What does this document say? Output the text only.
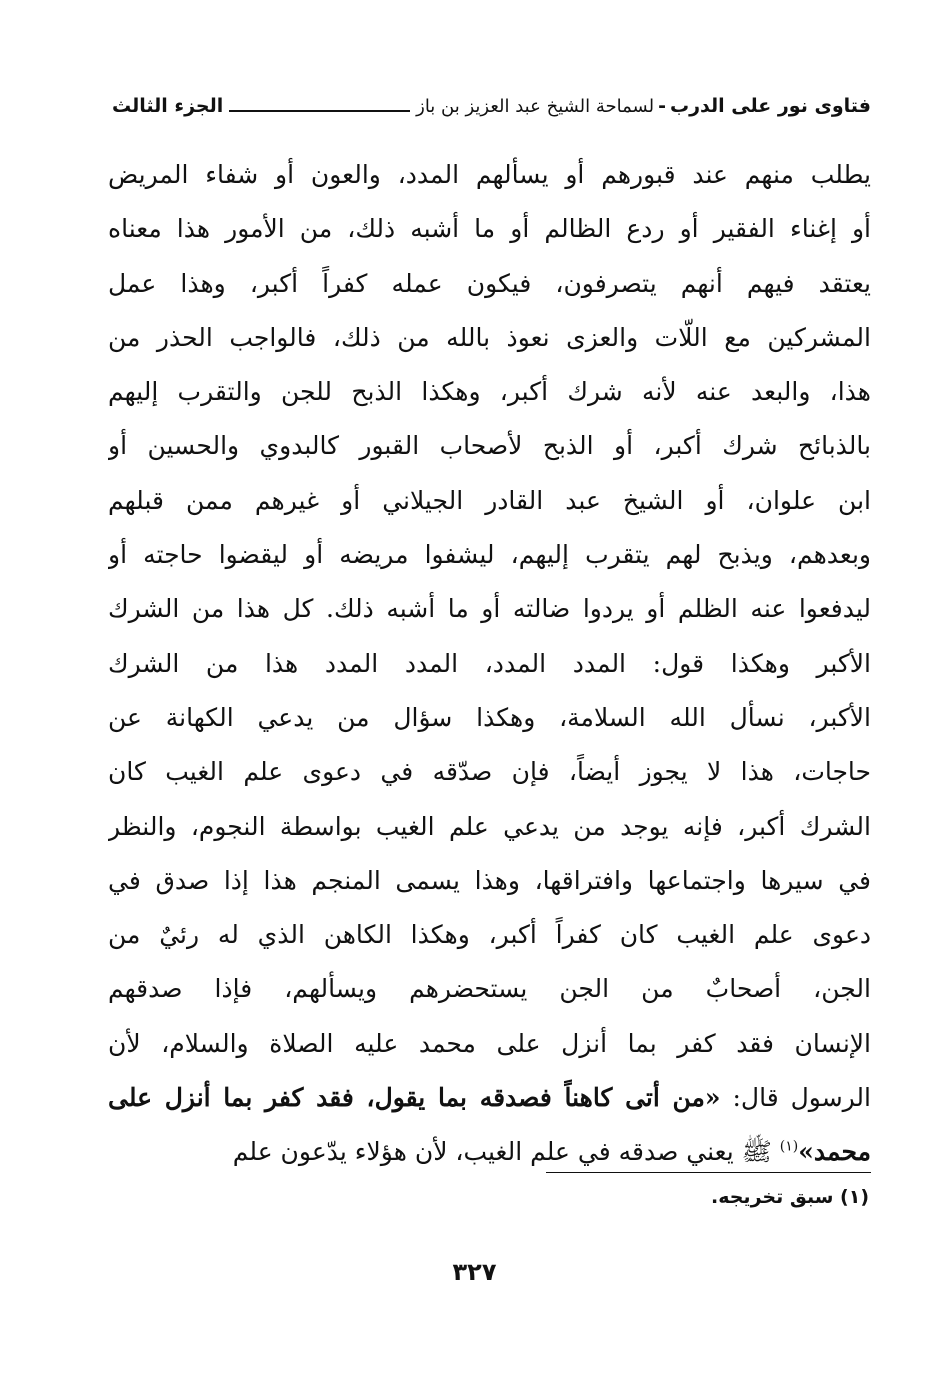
فتاوى نور على الدرب
-
لسماحة الشيخ عبد العزيز بن باز
الجزء الثالث
يطلب منهم عند قبورهم أو يسألهم المدد، والعون أو شفاء المريض
أو إغناء الفقير أو ردع الظالم أو ما أشبه ذلك، من الأمور هذا معناه
يعتقد فيهم أنهم يتصرفون، فيكون عمله كفراً أكبر، وهذا عمل
المشركين مع اللّات والعزى نعوذ بالله من ذلك، فالواجب الحذر من
هذا، والبعد عنه لأنه شرك أكبر، وهكذا الذبح للجن والتقرب إليهم
بالذبائح شرك أكبر، أو الذبح لأصحاب القبور كالبدوي والحسين أو
ابن علوان، أو الشيخ عبد القادر الجيلاني أو غيرهم ممن قبلهم
وبعدهم، ويذبح لهم يتقرب إليهم، ليشفوا مريضه أو ليقضوا حاجته أو
ليدفعوا عنه الظلم أو يردوا ضالته أو ما أشبه ذلك. كل هذا من الشرك
الأكبر وهكذا قول: المدد المدد، المدد المدد هذا من الشرك
الأكبر، نسأل الله السلامة، وهكذا سؤال من يدعي الكهانة عن
حاجات، هذا لا يجوز أيضاً، فإن صدّقه في دعوى علم الغيب كان
الشرك أكبر، فإنه يوجد من يدعي علم الغيب بواسطة النجوم، والنظر
في سيرها واجتماعها وافتراقها، وهذا يسمى المنجم هذا إذا صدق في
دعوى علم الغيب كان كفراً أكبر، وهكذا الكاهن الذي له رئيٌ من
الجن، أصحابٌ من الجن يستحضرهم ويسألهم، فإذا صدقهم
الإنسان فقد كفر بما أنزل على محمد عليه الصلاة والسلام، لأن
الرسول قال: «من أتى كاهناً فصدقه بما يقول، فقد كفر بما أنزل على
محمد»$^{(١)}$ ﷺ يعني صدقه في علم الغيب، لأن هؤلاء يدّعون علم
(١) سبق تخريجه.
٣٢٧
